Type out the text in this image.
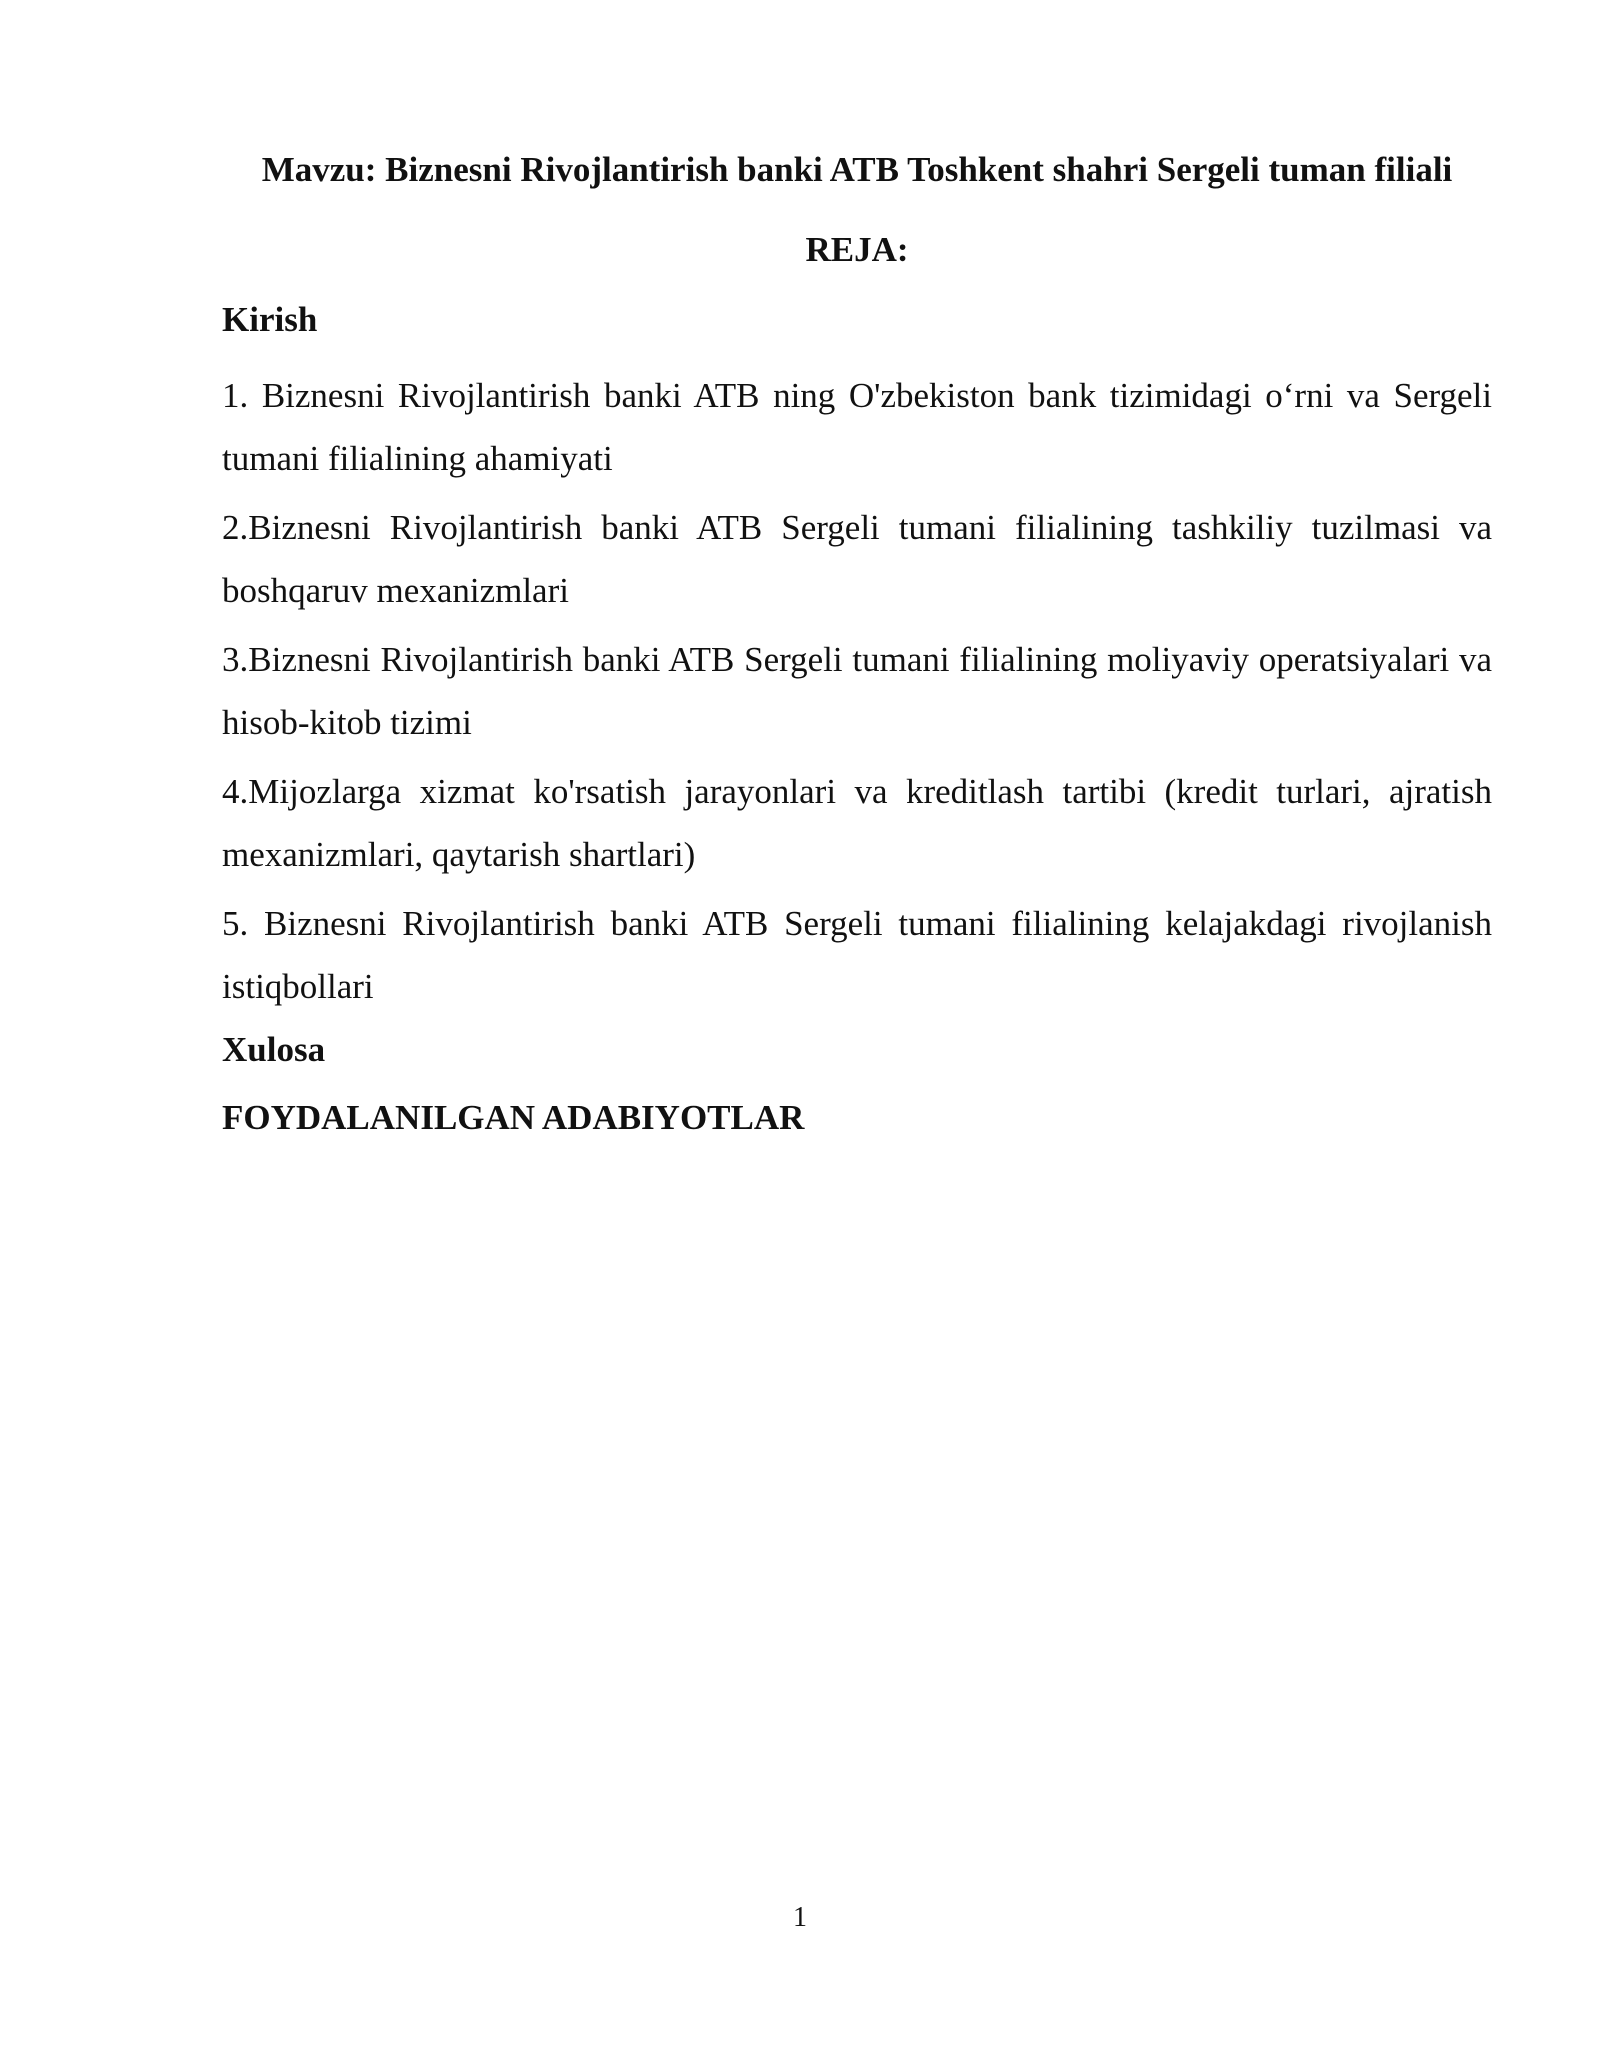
Mavzu: Biznesni Rivojlantirish banki ATB Toshkent shahri Sergeli tuman filiali
REJA:
Kirish
1. Biznesni Rivojlantirish banki ATB ning O'zbekiston bank tizimidagi o‘rni va Sergeli tumani filialining ahamiyati
2.Biznesni Rivojlantirish banki ATB Sergeli tumani filialining tashkiliy tuzilmasi va boshqaruv mexanizmlari
3.Biznesni Rivojlantirish banki ATB Sergeli tumani filialining moliyaviy operatsiyalari va hisob-kitob tizimi
4.Mijozlarga xizmat ko'rsatish jarayonlari va kreditlash tartibi (kredit turlari, ajratish mexanizmlari, qaytarish shartlari)
5. Biznesni Rivojlantirish banki ATB Sergeli tumani filialining kelajakdagi rivojlanish istiqbollari
Xulosa
FOYDALANILGAN ADABIYOTLAR
1
